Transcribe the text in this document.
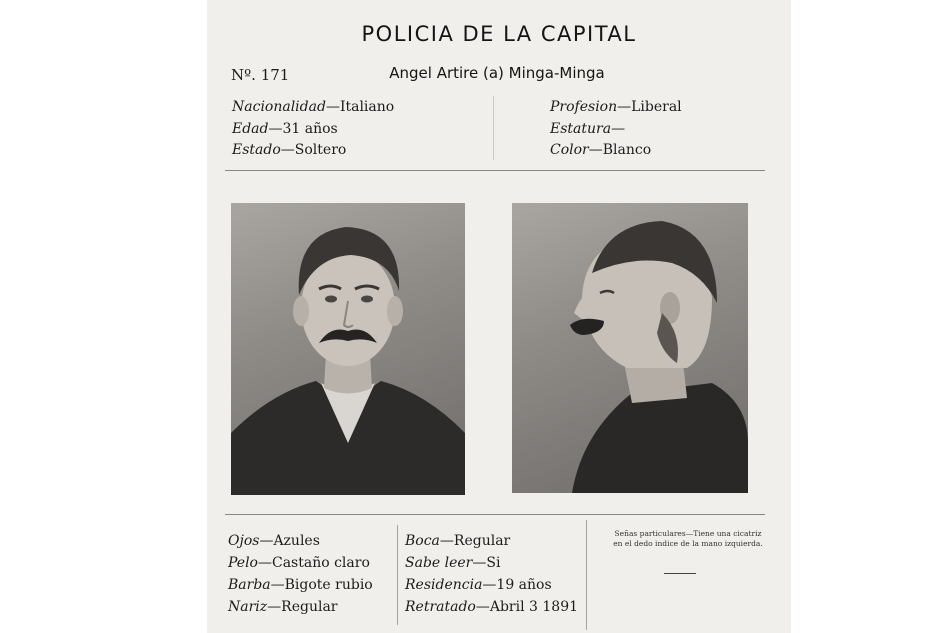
POLICIA DE LA CAPITAL
Nº. 171	Angel Artire (a) Minga-Minga
Nacionalidad—Italiano
Edad—31 años
Estado—Soltero
Profesion—Liberal
Estatura—
Color—Blanco
Ojos—Azules
Pelo—Castaño claro
Barba—Bigote rubio
Nariz—Regular
Boca—Regular
Sabe leer—Si
Residencia—19 años
Retratado—Abril 3 1891
Señas particulares—Tiene una cicatriz
en el dedo indice de la mano izquierda.
